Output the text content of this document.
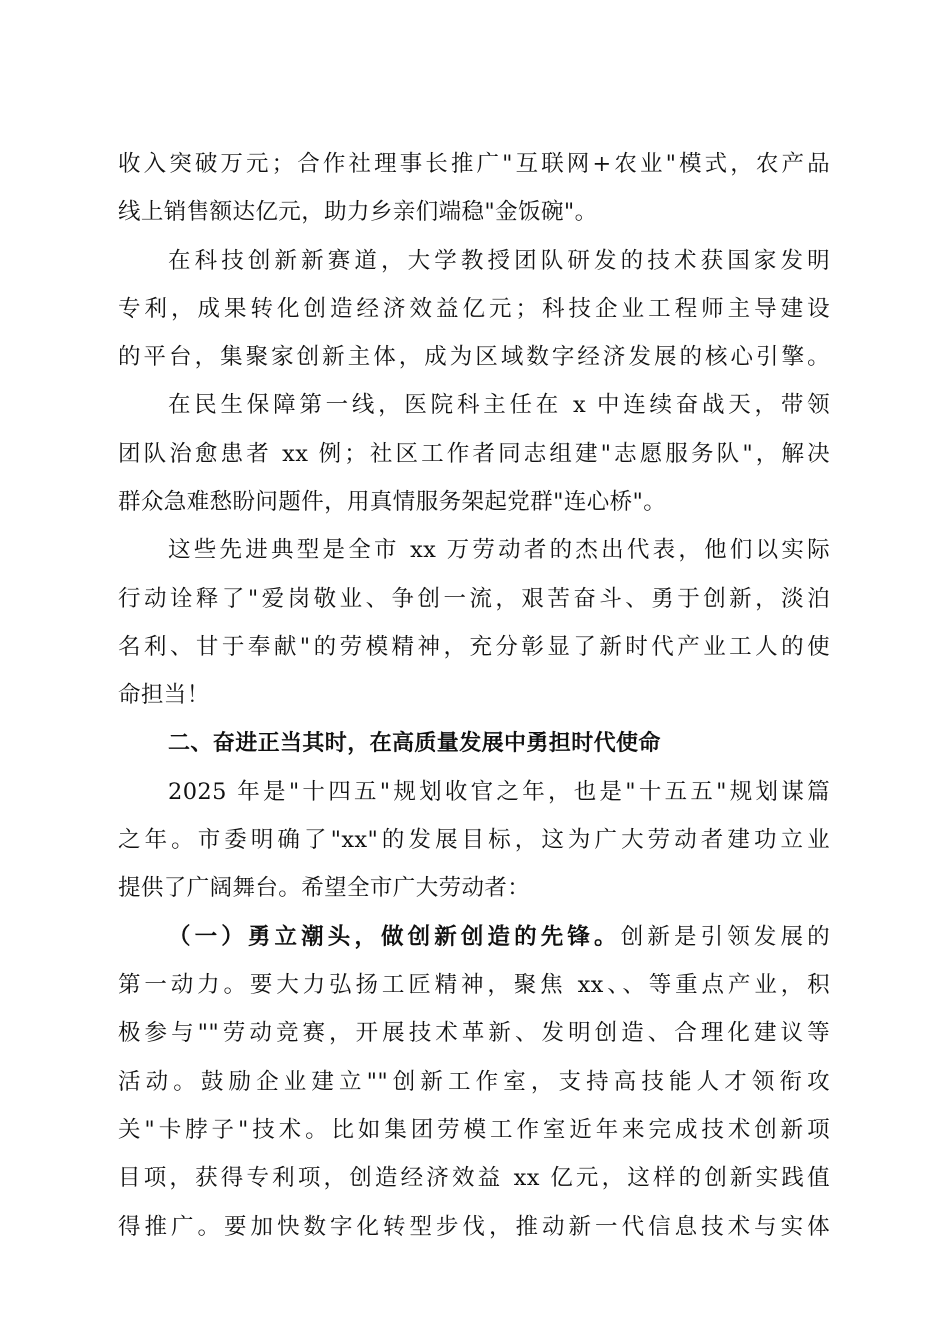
收入突破万元；合作社理事长推广"互联网+农业"模式，农产品
线上销售额达亿元，助力乡亲们端稳"金饭碗"。
在科技创新新赛道，大学教授团队研发的技术获国家发明
专利，成果转化创造经济效益亿元；科技企业工程师主导建设
的平台，集聚家创新主体，成为区域数字经济发展的核心引擎。
在民生保障第一线，医院科主任在 x 中连续奋战天，带领
团队治愈患者 xx 例；社区工作者同志组建"志愿服务队"，解决
群众急难愁盼问题件，用真情服务架起党群"连心桥"。
这些先进典型是全市 xx 万劳动者的杰出代表，他们以实际
行动诠释了"爱岗敬业、争创一流，艰苦奋斗、勇于创新，淡泊
名利、甘于奉献"的劳模精神，充分彰显了新时代产业工人的使
命担当！
二、奋进正当其时，在高质量发展中勇担时代使命
2025 年是"十四五"规划收官之年，也是"十五五"规划谋篇
之年。市委明确了"xx"的发展目标，这为广大劳动者建功立业
提供了广阔舞台。希望全市广大劳动者：
（一）勇立潮头，做创新创造的先锋。创新是引领发展的
第一动力。要大力弘扬工匠精神，聚焦 xx、、等重点产业，积
极参与""劳动竞赛，开展技术革新、发明创造、合理化建议等
活动。鼓励企业建立""创新工作室，支持高技能人才领衔攻
关"卡脖子"技术。比如集团劳模工作室近年来完成技术创新项
目项，获得专利项，创造经济效益 xx 亿元，这样的创新实践值
得推广。要加快数字化转型步伐，推动新一代信息技术与实体
